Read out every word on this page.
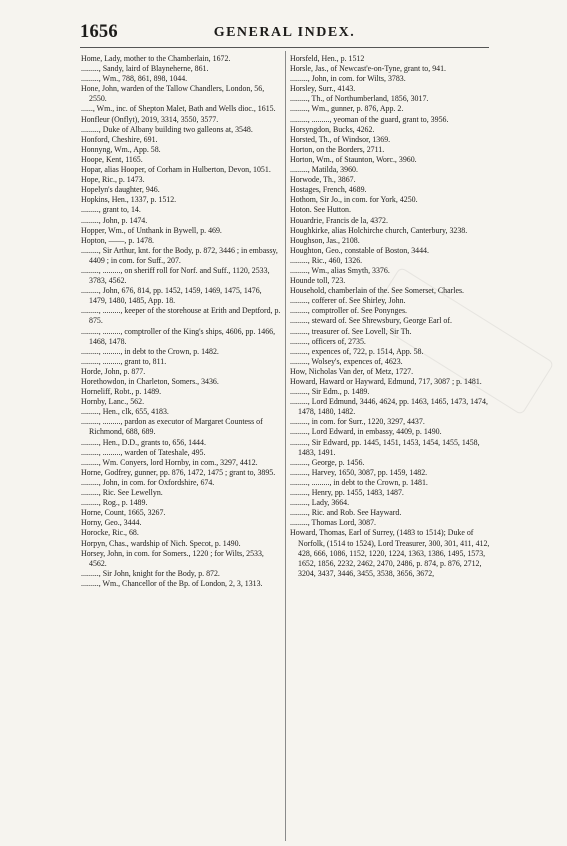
1656	GENERAL INDEX.
Home, Lady, mother to the Chamberlain, 1672.
........., Sandy, laird of Blayneherne, 861.
........., Wm., 788, 861, 898, 1044.
Hone, John, warden of the Tallow Chandlers, London, 56, 2550.
......, Wm., inc. of Shepton Malet, Bath and Wells dioc., 1615.
Honfleur (Onflyt), 2019, 3314, 3550, 3577.
........., Duke of Albany building two galleons at, 3548.
Honford, Cheshire, 691.
Honnyng, Wm., App. 58.
Hoope, Kent, 1165.
Hopar, alias Hooper, of Corham in Hulberton, Devon, 1051.
Hope, Ric., p. 1473.
Hopelyn's daughter, 946.
Hopkins, Hen., 1337, p. 1512.
........., grant to, 14.
........., John, p. 1474.
Hopper, Wm., of Unthank in Bywell, p. 469.
Hopton, ——, p. 1478.
........., Sir Arthur, knt. for the Body, p. 872, 3446 ; in embassy, 4409 ; in com. for Suff., 207.
........., ........., on sheriff roll for Norf. and Suff., 1120, 2533, 3783, 4562.
........., John, 676, 814, pp. 1452, 1459, 1469, 1475, 1476, 1479, 1480, 1485, App. 18.
........., ........., keeper of the storehouse at Erith and Deptford, p. 875.
........., ........., comptroller of the King's ships, 4606, pp. 1466, 1468, 1478.
........., ........., in debt to the Crown, p. 1482.
........., ........., grant to, 811.
Horde, John, p. 877.
Horethowdon, in Charleton, Somers., 3436.
Horneliff, Robt., p. 1489.
Hornby, Lanc., 562.
........., Hen., clk, 655, 4183.
........., ........., pardon as executor of Margaret Countess of Richmond, 688, 689.
........., Hen., D.D., grants to, 656, 1444.
........., ........., warden of Tateshale, 495.
........., Wm. Conyers, lord Hornby, in com., 3297, 4412.
Horne, Godfrey, gunner, pp. 876, 1472, 1475 ; grant to, 3895.
........., John, in com. for Oxfordshire, 674.
........., Ric. See Lewellyn.
........., Rog., p. 1489.
Horne, Count, 1665, 3267.
Horny, Geo., 3444.
Horocke, Ric., 68.
Horpyn, Chas., wardship of Nich. Specot, p. 1490.
Horsey, John, in com. for Somers., 1220 ; for Wilts, 2533, 4562.
........., Sir John, knight for the Body, p. 872.
........., Wm., Chancellor of the Bp. of London, 2, 3, 1313.
Horsfeld, Hen., p. 1512
Horsle, Jas., of Newcast'e-on-Tyne, grant to, 941.
........., John, in com. for Wilts, 3783.
Horsley, Surr., 4143.
........., Th., of Northumberland, 1856, 3017.
........., Wm., gunner, p. 876, App. 2.
........., ........., yeoman of the guard, grant to, 3956.
Horsyngdon, Bucks, 4262.
Horsted, Th., of Windsor, 1369.
Horton, on the Borders, 2711.
Horton, Wm., of Staunton, Worc., 3960.
........., Matilda, 3960.
Horwode, Th., 3867.
Hostages, French, 4689.
Hothom, Sir Jo., in com. for York, 4250.
Hoton. See Hutton.
Houardrie, Francis de la, 4372.
Houghkirke, alias Holchirche church, Canterbury, 3238.
Houghson, Jas., 2108.
Houghton, Geo., constable of Boston, 3444.
........., Ric., 460, 1326.
........., Wm., alias Smyth, 3376.
Hounde toll, 723.
Household, chamberlain of the. See Somerset, Charles.
........., cofferer of. See Shirley, John.
........., comptroller of. See Ponynges.
........., steward of. See Shrewsbury, George Earl of.
........., treasurer of. See Lovell, Sir Th.
........., officers of, 2735.
........., expences of, 722, p. 1514, App. 58.
........., Wolsey's, expences of, 4623.
How, Nicholas Van der, of Metz, 1727.
Howard, Haward or Hayward, Edmund, 717, 3087 ; p. 1481.
........., Sir Edm., p. 1489.
........., Lord Edmund, 3446, 4624, pp. 1463, 1465, 1473, 1474, 1478, 1480, 1482.
........., in com. for Surr., 1220, 3297, 4437.
........., Lord Edward, in embassy, 4409, p. 1490.
........., Sir Edward, pp. 1445, 1451, 1453, 1454, 1455, 1458, 1483, 1491.
........., George, p. 1456.
........., Harvey, 1650, 3087, pp. 1459, 1482.
........., ........., in debt to the Crown, p. 1481.
........., Henry, pp. 1455, 1483, 1487.
........., Lady, 3664.
........., Ric. and Rob. See Hayward.
........., Thomas Lord, 3087.
Howard, Thomas, Earl of Surrey, (1483 to 1514); Duke of Norfolk, (1514 to 1524), Lord Treasurer, 300, 301, 411, 412, 428, 666, 1086, 1152, 1220, 1224, 1363, 1386, 1495, 1573, 1652, 1856, 2232, 2462, 2470, 2486, p. 874, p. 876, 2712, 3204, 3437, 3446, 3455, 3538, 3656, 3672,
